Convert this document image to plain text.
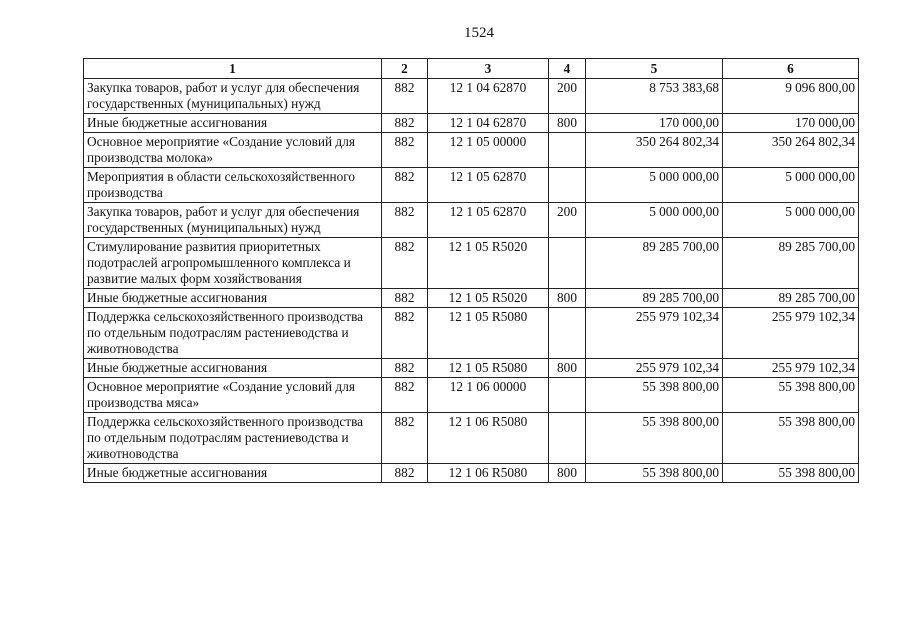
1524
1	2	3	4	5	6
Закупка товаров, работ и услуг для обеспечения государственных (муниципальных) нужд	882	12 1 04 62870	200	8 753 383,68	9 096 800,00
Иные бюджетные ассигнования	882	12 1 04 62870	800	170 000,00	170 000,00
Основное мероприятие «Создание условий для производства молока»	882	12 1 05 00000		350 264 802,34	350 264 802,34
Мероприятия в области сельскохозяйственного производства	882	12 1 05 62870		5 000 000,00	5 000 000,00
Закупка товаров, работ и услуг для обеспечения государственных (муниципальных) нужд	882	12 1 05 62870	200	5 000 000,00	5 000 000,00
Стимулирование развития приоритетных подотраслей агропромышленного комплекса и развитие малых форм хозяйствования	882	12 1 05 R5020		89 285 700,00	89 285 700,00
Иные бюджетные ассигнования	882	12 1 05 R5020	800	89 285 700,00	89 285 700,00
Поддержка сельскохозяйственного производства по отдельным подотраслям растениеводства и животноводства	882	12 1 05 R5080		255 979 102,34	255 979 102,34
Иные бюджетные ассигнования	882	12 1 05 R5080	800	255 979 102,34	255 979 102,34
Основное мероприятие «Создание условий для производства мяса»	882	12 1 06 00000		55 398 800,00	55 398 800,00
Поддержка сельскохозяйственного производства по отдельным подотраслям растениеводства и животноводства	882	12 1 06 R5080		55 398 800,00	55 398 800,00
Иные бюджетные ассигнования	882	12 1 06 R5080	800	55 398 800,00	55 398 800,00
